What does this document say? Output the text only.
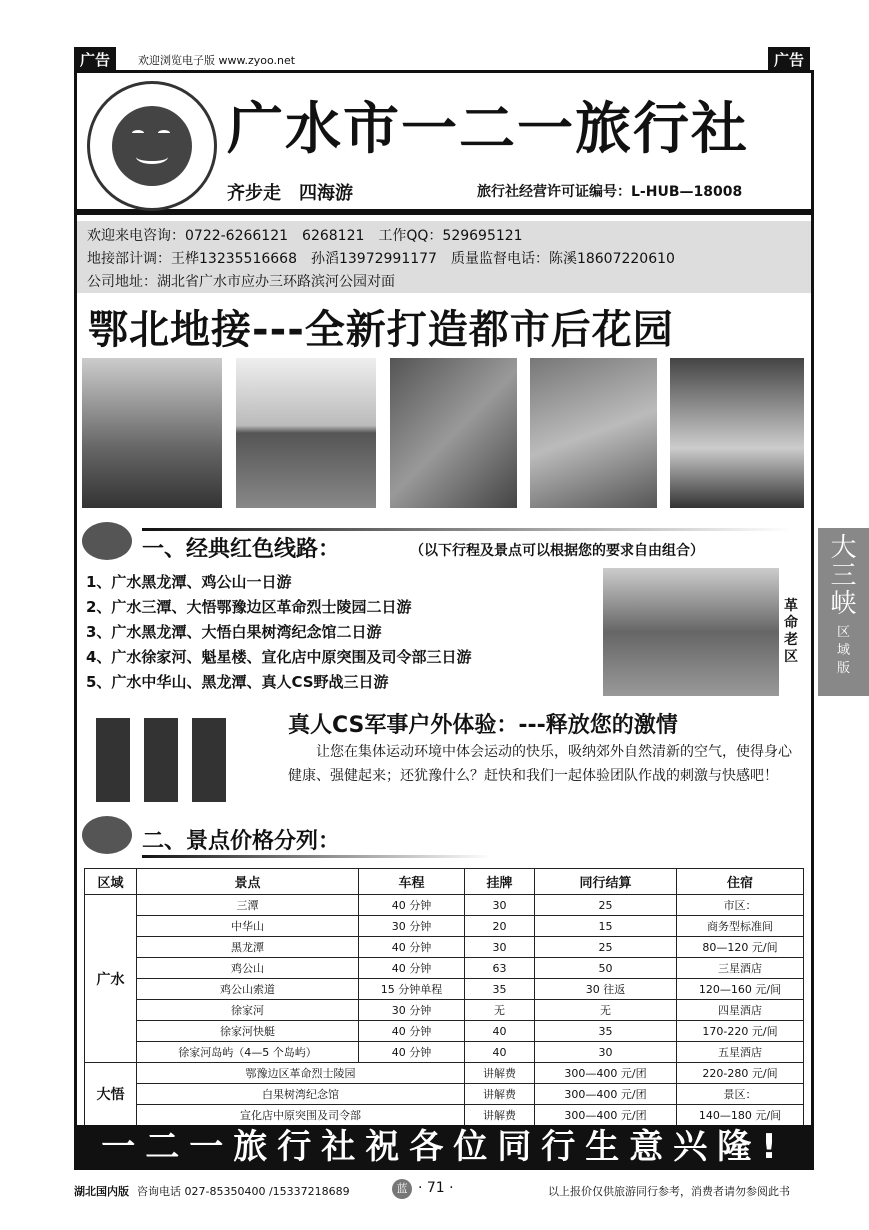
广告	欢迎浏览电子版 www.zyoo.net	广告
广水市一二一旅行社
齐步走　四海游	旅行社经营许可证编号：L-HUB—18008
欢迎来电咨询：0722-6266121　6268121　工作QQ：529695121
地接部计调：王桦13235516668　孙滔13972991177　质量监督电话：陈溪18607220610
公司地址：湖北省广水市应办三环路滨河公园对面
鄂北地接---全新打造都市后花园
一、经典红色线路：	（以下行程及景点可以根据您的要求自由组合）
1、广水黑龙潭、鸡公山一日游
2、广水三潭、大悟鄂豫边区革命烈士陵园二日游
3、广水黑龙潭、大悟白果树湾纪念馆二日游
4、广水徐家河、魁星楼、宣化店中原突围及司令部三日游
5、广水中华山、黑龙潭、真人CS野战三日游
革命老区
真人CS军事户外体验：---释放您的激情
让您在集体运动环境中体会运动的快乐，吸纳郊外自然清新的空气，使得身心健康、强健起来；还犹豫什么？赶快和我们一起体验团队作战的刺激与快感吧！
二、景点价格分列：
区域	景点	车程	挂牌	同行结算	住宿
广水	三潭	40 分钟	30	25	市区：
	中华山	30 分钟	20	15	商务型标准间
	黑龙潭	40 分钟	30	25	80—120 元/间
	鸡公山	40 分钟	63	50	三星酒店
	鸡公山索道	15 分钟单程	35	30 往返	120—160 元/间
	徐家河	30 分钟	无	无	四星酒店
	徐家河快艇	40 分钟	40	35	170-220 元/间
	徐家河岛屿（4—5 个岛屿）	40 分钟	40	30	五星酒店
大悟	鄂豫边区革命烈士陵园		讲解费	300—400 元/团	220-280 元/间
	白果树湾纪念馆		讲解费	300—400 元/团	景区：
	宣化店中原突围及司令部		讲解费	300—400 元/团	140—180 元/间
一二一旅行社祝各位同行生意兴隆!
大三峡
区域版
湖北国内版 咨询电话 027-85350400 /15337218689	蓝 · 71 ·	以上报价仅供旅游同行参考，消费者请勿参阅此书
